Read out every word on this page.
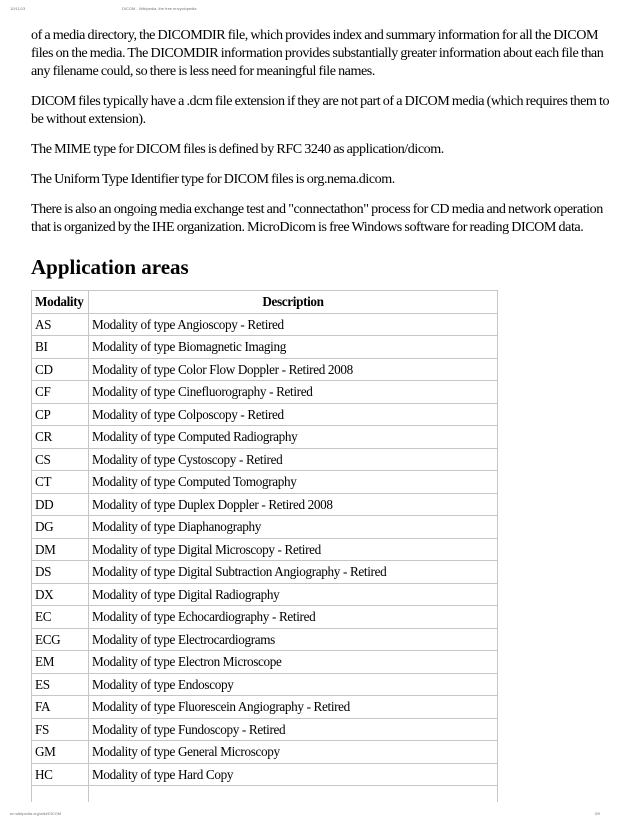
10/11/13	DICOM - Wikipedia, the free encyclopedia

of a media directory, the DICOMDIR file, which provides index and summary information for all the DICOM files on the media. The DICOMDIR information provides substantially greater information about each file than any filename could, so there is less need for meaningful file names.

DICOM files typically have a .dcm file extension if they are not part of a DICOM media (which requires them to be without extension).

The MIME type for DICOM files is defined by RFC 3240 as application/dicom.

The Uniform Type Identifier type for DICOM files is org.nema.dicom.

There is also an ongoing media exchange test and "connectathon" process for CD media and network operation that is organized by the IHE organization. MicroDicom is free Windows software for reading DICOM data.

Application areas
Modality	Description
AS	Modality of type Angioscopy - Retired
BI	Modality of type Biomagnetic Imaging
CD	Modality of type Color Flow Doppler - Retired 2008
CF	Modality of type Cinefluorography - Retired
CP	Modality of type Colposcopy - Retired
CR	Modality of type Computed Radiography
CS	Modality of type Cystoscopy - Retired
CT	Modality of type Computed Tomography
DD	Modality of type Duplex Doppler - Retired 2008
DG	Modality of type Diaphanography
DM	Modality of type Digital Microscopy - Retired
DS	Modality of type Digital Subtraction Angiography - Retired
DX	Modality of type Digital Radiography
EC	Modality of type Echocardiography - Retired
ECG	Modality of type Electrocardiograms
EM	Modality of type Electron Microscope
ES	Modality of type Endoscopy
FA	Modality of type Fluorescein Angiography - Retired
FS	Modality of type Fundoscopy - Retired
GM	Modality of type General Microscopy
HC	Modality of type Hard Copy

en.wikipedia.org/wiki/DICOM	3/9
